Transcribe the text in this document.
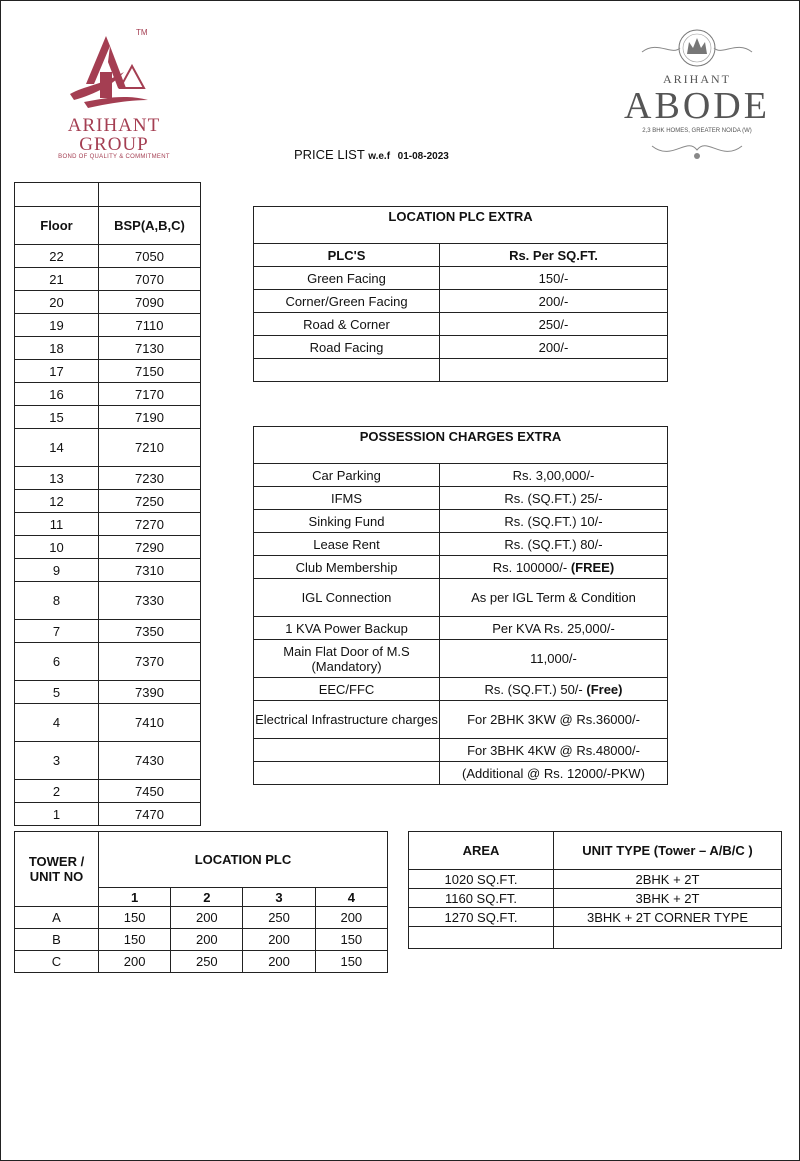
TM
ARIHANT GROUP
BOND OF QUALITY & COMMITMENT
ARIHANT
ABODE
2,3 BHK HOMES, GREATER NOIDA (W)
PRICE LIST w.e.f 01-08-2023

Floor	BSP(A,B,C)
22	7050
21	7070
20	7090
19	7110
18	7130
17	7150
16	7170
15	7190
14	7210
13	7230
12	7250
11	7270
10	7290
9	7310
8	7330
7	7350
6	7370
5	7390
4	7410
3	7430
2	7450
1	7470
LOCATION PLC EXTRA	
PLC'S	Rs. Per SQ.FT.
Green Facing	150/-
Corner/Green Facing	200/-
Road & Corner	250/-
Road Facing	200/-

POSSESSION CHARGES EXTRA	
Car Parking	Rs. 3,00,000/-
IFMS	Rs. (SQ.FT.) 25/-
Sinking Fund	Rs. (SQ.FT.) 10/-
Lease Rent	Rs. (SQ.FT.) 80/-
Club Membership	Rs. 100000/- (FREE)
IGL Connection	As per IGL Term & Condition
1 KVA Power Backup	Per KVA Rs. 25,000/-
Main Flat Door of M.S (Mandatory)	11,000/-
EEC/FFC	Rs. (SQ.FT.) 50/- (Free)
Electrical Infrastructure charges	For 2BHK 3KW @ Rs.36000/-
	For 3BHK 4KW @ Rs.48000/-
	(Additional @ Rs. 12000/-PKW)
TOWER / UNIT NO	LOCATION PLC			
	1	2	3	4
A	150	200	250	200
B	150	200	200	150
C	200	250	200	150
AREA	UNIT TYPE (Tower – A/B/C )
1020 SQ.FT.	2BHK + 2T
1160 SQ.FT.	3BHK + 2T
1270 SQ.FT.	3BHK + 2T CORNER TYPE
